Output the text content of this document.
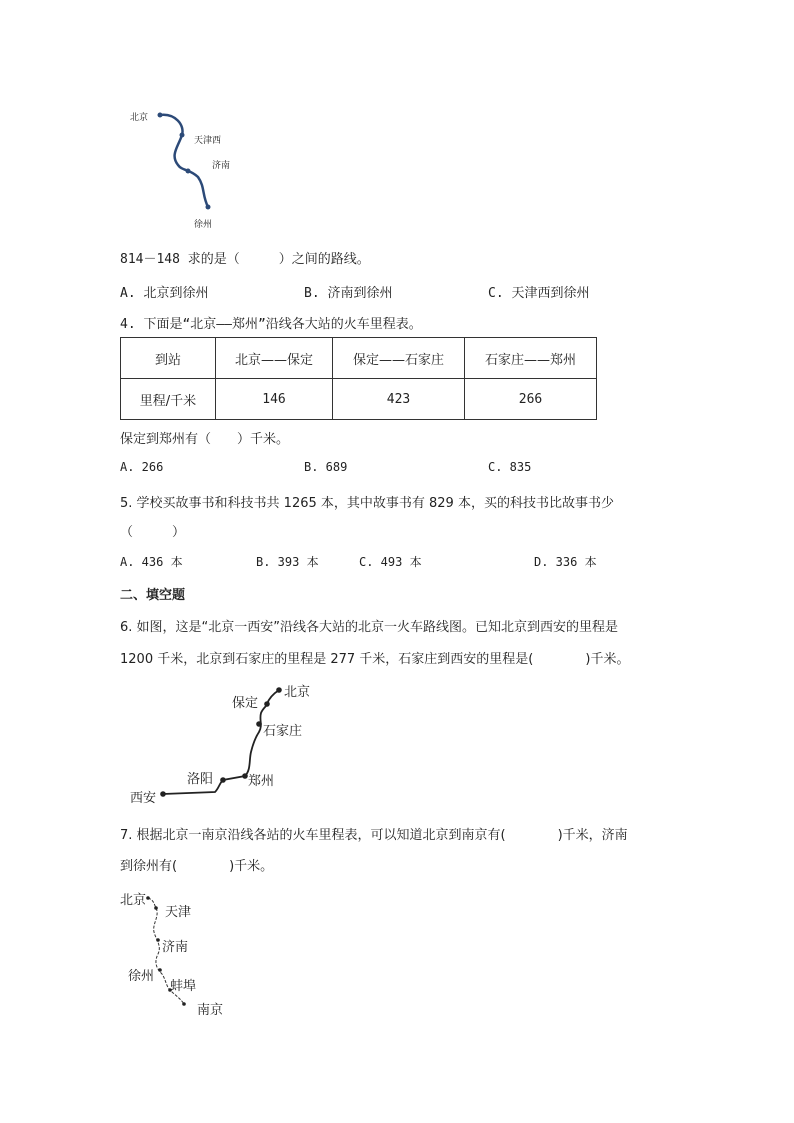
北京
天津西
济南
徐州
814－148 求的是（　　　）之间的路线。
A. 北京到徐州	B. 济南到徐州	C. 天津西到徐州
4. 下面是“北京——郑州”沿线各大站的火车里程表。
到站	北京——保定	保定——石家庄	石家庄——郑州
里程/千米	146	423	266
保定到郑州有（　　）千米。
A. 266	B. 689	C. 835
5. 学校买故事书和科技书共 1265 本，其中故事书有 829 本，买的科技书比故事书少
（　　　）
A. 436 本	B. 393 本	C. 493 本	D. 336 本
二、填空题
6. 如图，这是“北京一西安”沿线各大站的北京一火车路线图。已知北京到西安的里程是
1200 千米，北京到石家庄的里程是 277 千米，石家庄到西安的里程是(　　　　)千米。
北京
保定
石家庄
郑州
洛阳
西安
7. 根据北京一南京沿线各站的火车里程表，可以知道北京到南京有(　　　　)千米，济南
到徐州有(　　　　)千米。
北京
天津
济南
徐州
蚌埠
南京
